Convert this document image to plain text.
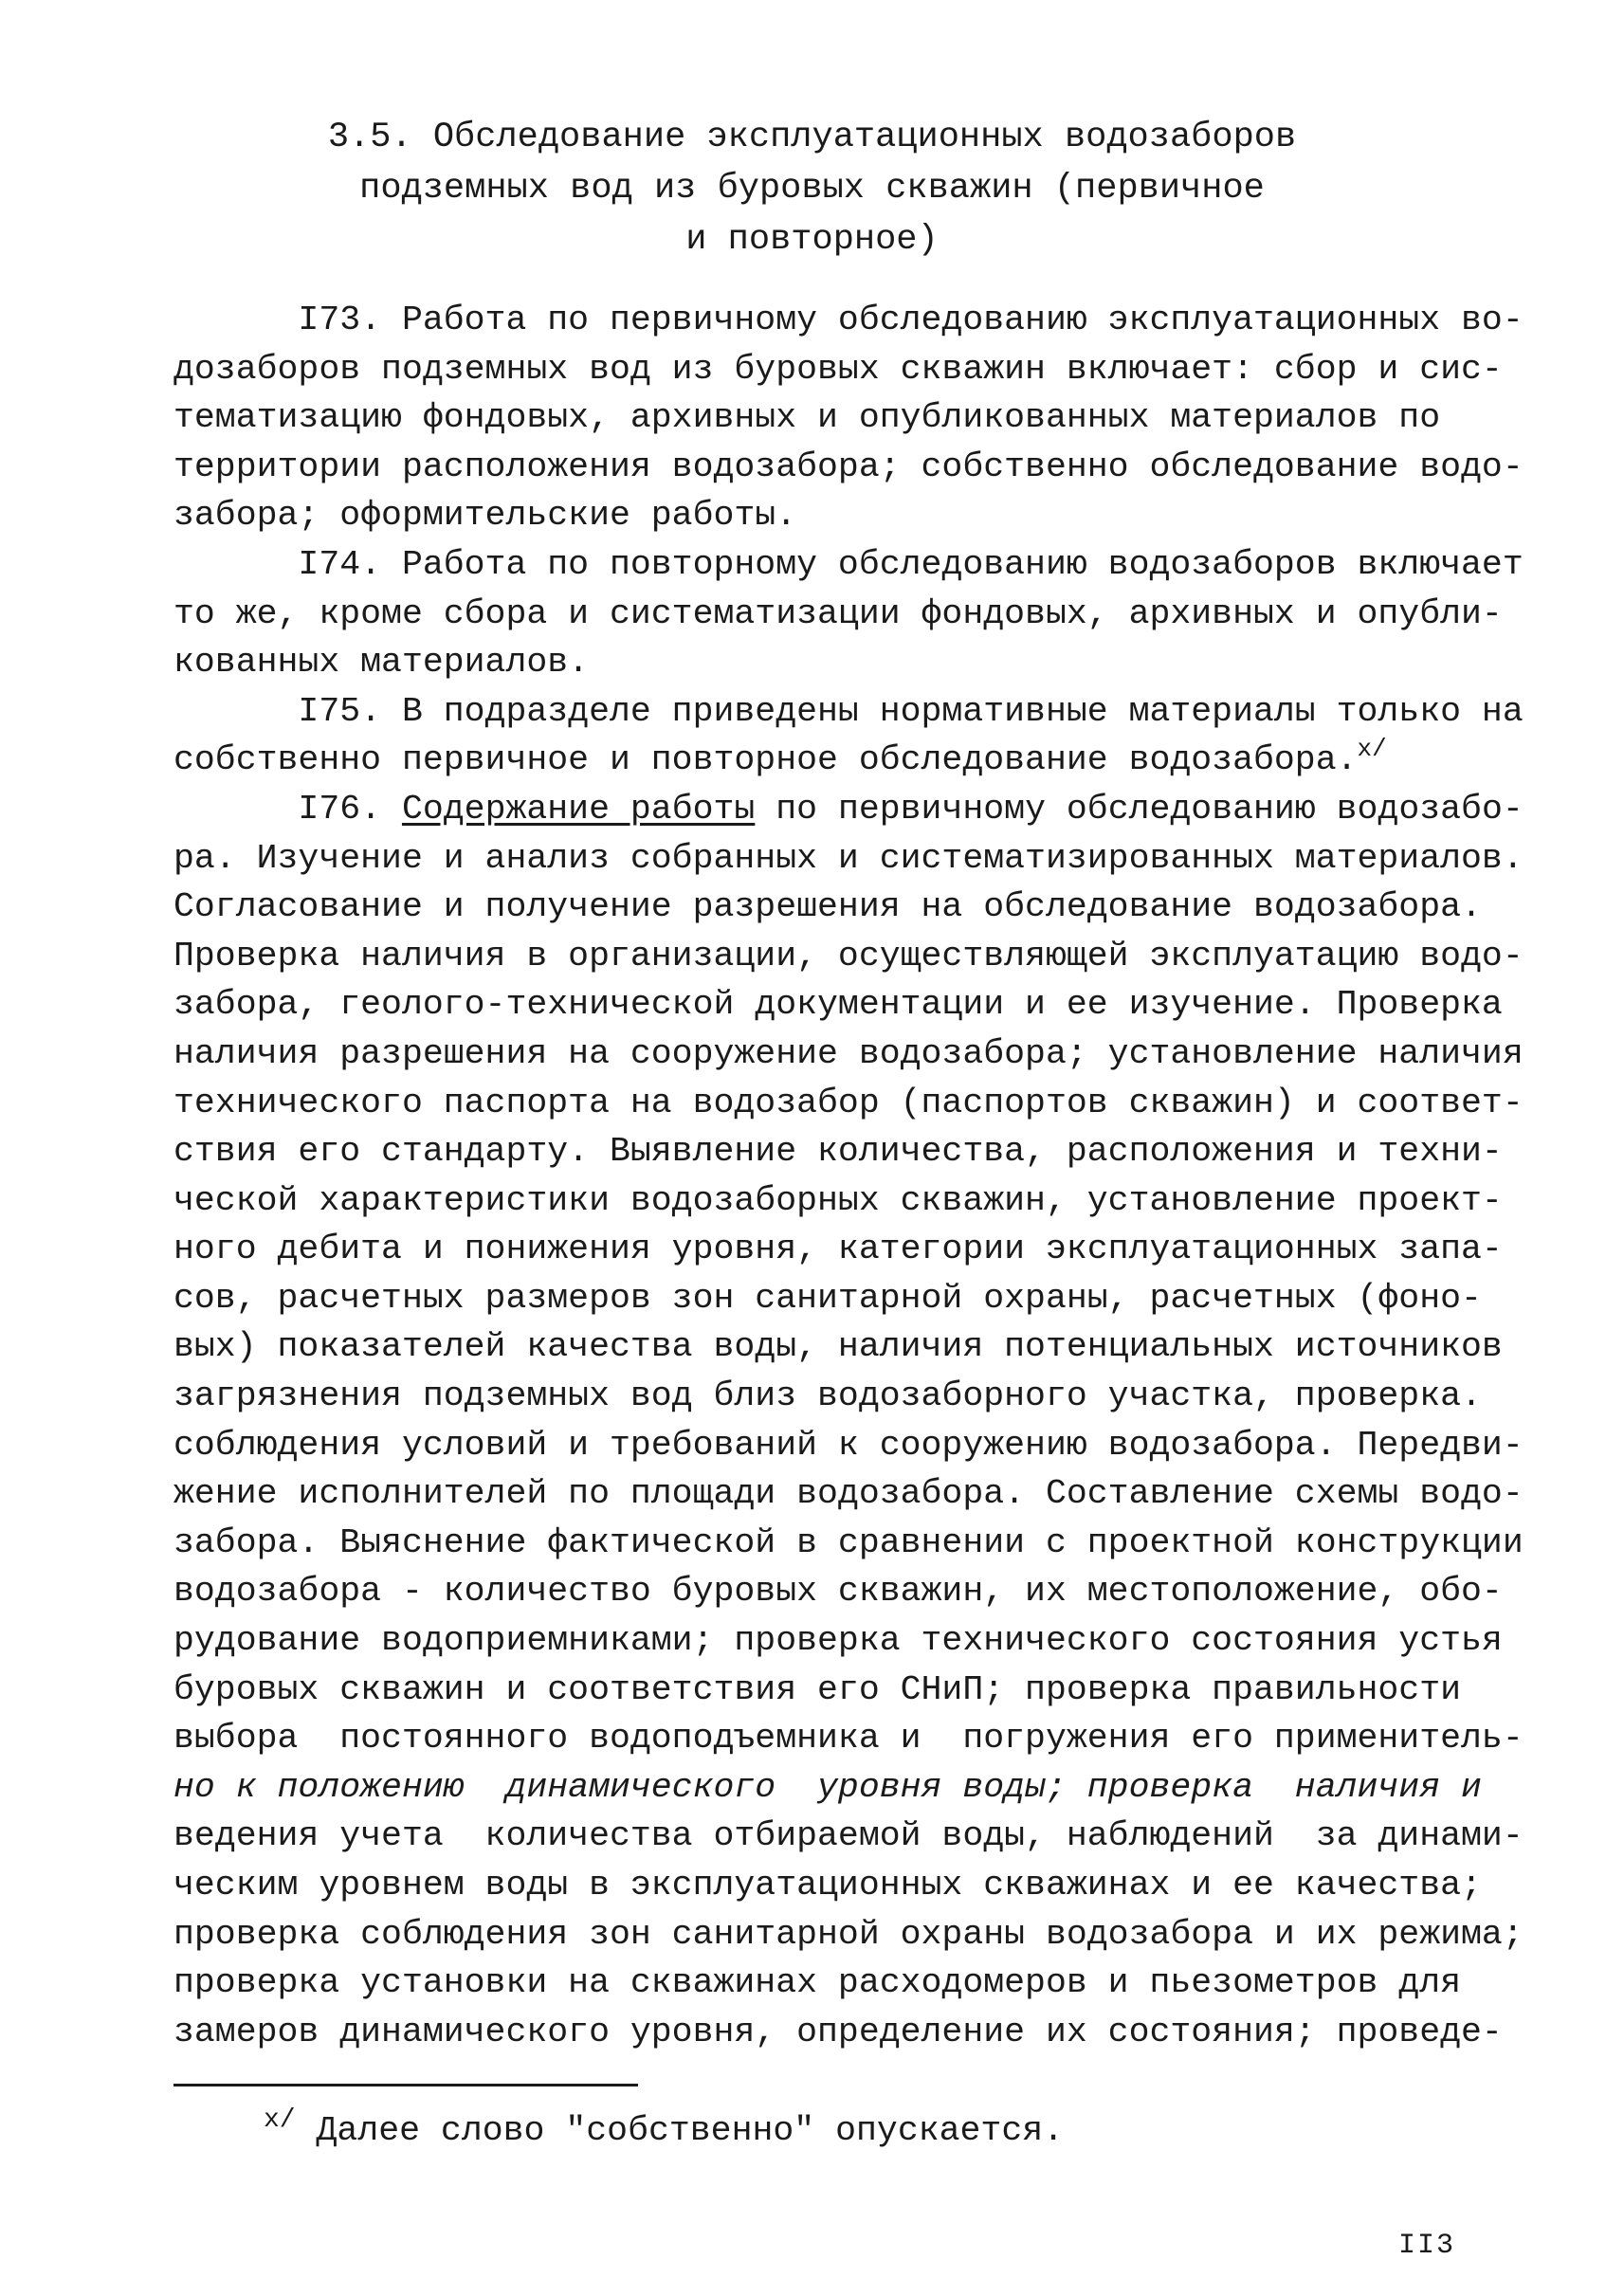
3.5. Обследование эксплуатационных водозаборов
подземных вод из буровых скважин (первичное
и повторное)
I73. Работа по первичному обследованию эксплуатационных во-
дозаборов подземных вод из буровых скважин включает: сбор и сис-
тематизацию фондовых, архивных и опубликованных материалов по
территории расположения водозабора; собственно обследование водо-
забора; оформительские работы.
I74. Работа по повторному обследованию водозаборов включает
то же, кроме сбора и систематизации фондовых, архивных и опубли-
кованных материалов.
I75. В подразделе приведены нормативные материалы только на
собственно первичное и повторное обследование водозабора.$^{x/}$
I76. Содержание работы по первичному обследованию водозабо-
ра. Изучение и анализ собранных и систематизированных материалов.
Согласование и получение разрешения на обследование водозабора.
Проверка наличия в организации, осуществляющей эксплуатацию водо-
забора, геолого-технической документации и ее изучение. Проверка
наличия разрешения на сооружение водозабора; установление наличия
технического паспорта на водозабор (паспортов скважин) и соответ-
ствия его стандарту. Выявление количества, расположения и техни-
ческой характеристики водозаборных скважин, установление проект-
ного дебита и понижения уровня, категории эксплуатационных запа-
сов, расчетных размеров зон санитарной охраны, расчетных (фоно-
вых) показателей качества воды, наличия потенциальных источников
загрязнения подземных вод близ водозаборного участка, проверка.
соблюдения условий и требований к сооружению водозабора. Передви-
жение исполнителей по площади водозабора. Составление схемы водо-
забора. Выяснение фактической в сравнении с проектной конструкции
водозабора - количество буровых скважин, их местоположение, обо-
рудование водоприемниками; проверка технического состояния устья
буровых скважин и соответствия его СНиП; проверка правильности
выбора  постоянного водоподъемника и  погружения его применитель-
но к положению  динамического  уровня воды; проверка  наличия и
ведения учета  количества отбираемой воды, наблюдений  за динами-
ческим уровнем воды в эксплуатационных скважинах и ее качества;
проверка соблюдения зон санитарной охраны водозабора и их режима;
проверка установки на скважинах расходомеров и пьезометров для
замеров динамического уровня, определение их состояния; проведе-
$^{x/}$ Далее слово "собственно" опускается.
II3
